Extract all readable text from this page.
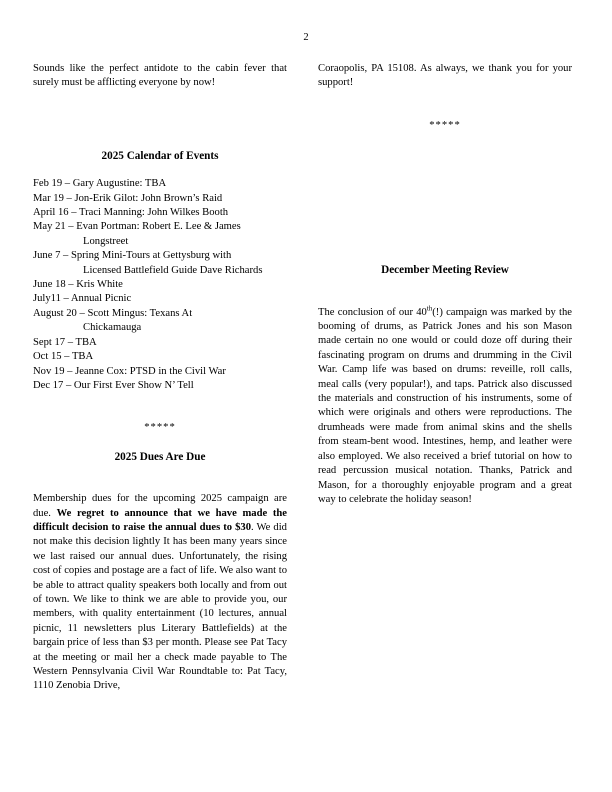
2

Sounds like the perfect antidote to the cabin fever that surely must be afflicting everyone by now!

2025 Calendar of Events

Feb 19 – Gary Augustine: TBA

Mar 19 – Jon-Erik Gilot: John Brown’s Raid

April 16 – Traci Manning: John Wilkes Booth

May 21 – Evan Portman: Robert E. Lee & James

Longstreet

June 7 – Spring Mini-Tours at Gettysburg with

Licensed Battlefield Guide Dave Richards

June 18 – Kris White

July11 – Annual Picnic

August 20 – Scott Mingus: Texans At

Chickamauga

Sept 17 – TBA

Oct 15 – TBA

Nov 19 – Jeanne Cox: PTSD in the Civil War

Dec 17 – Our First Ever Show N’ Tell

*****

2025 Dues Are Due

Membership dues for the upcoming 2025 campaign are due. We regret to announce that we have made the difficult decision to raise the annual dues to $30. We did not make this decision lightly It has been many years since we last raised our annual dues. Unfortunately, the rising cost of copies and postage are a fact of life. We also want to be able to attract quality speakers both locally and from out of town. We like to think we are able to provide you, our members, with quality entertainment (10 lectures, annual picnic, 11 newsletters plus Literary Battlefields) at the bargain price of less than $3 per month. Please see Pat Tacy at the meeting or mail her a check made payable to The Western Pennsylvania Civil War Roundtable to: Pat Tacy, 1110 Zenobia Drive,

Coraopolis, PA 15108. As always, we thank you for your support!

*****

December Meeting Review

The conclusion of our 40th(!) campaign was marked by the booming of drums, as Patrick Jones and his son Mason made certain no one would or could doze off during their fascinating program on drums and drumming in the Civil War. Camp life was based on drums: reveille, roll calls, meal calls (very popular!), and taps. Patrick also discussed the materials and construction of his instruments, some of which were originals and others were reproductions. The drumheads were made from animal skins and the shells from steam-bent wood. Intestines, hemp, and leather were also employed. We also received a brief tutorial on how to read percussion musical notation. Thanks, Patrick and Mason, for a thoroughly enjoyable program and a great way to celebrate the holiday season!
